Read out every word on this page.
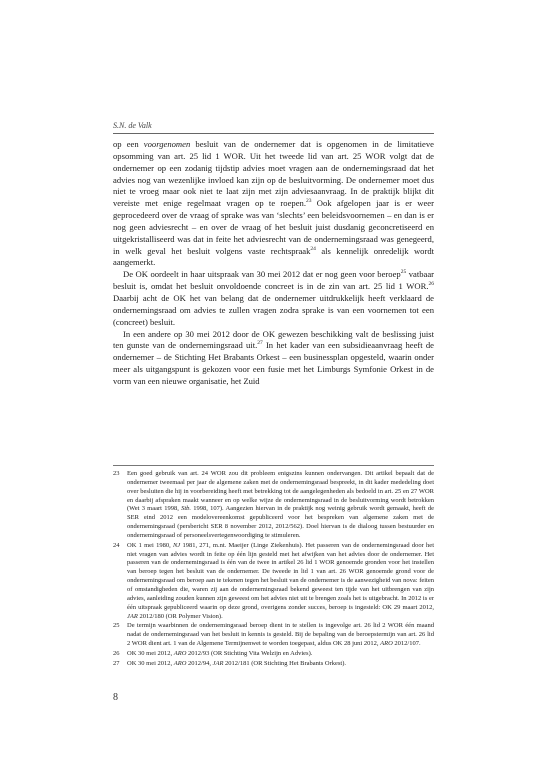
S.N. de Valk

op een voorgenomen besluit van de ondernemer dat is opgenomen in de limitatieve opsomming van art. 25 lid 1 WOR. Uit het tweede lid van art. 25 WOR volgt dat de ondernemer op een zodanig tijdstip advies moet vragen aan de ondernemingsraad dat het advies nog van wezenlijke invloed kan zijn op de besluitvorming. De ondernemer moet dus niet te vroeg maar ook niet te laat zijn met zijn adviesaanvraag. In de praktijk blijkt dit vereiste met enige regelmaat vragen op te roepen.$^{23}$ Ook afgelopen jaar is er weer geprocedeerd over de vraag of sprake was van ‘slechts’ een beleidsvoornemen – en dan is er nog geen adviesrecht – en over de vraag of het besluit juist dusdanig geconcretiseerd en uitgekristalliseerd was dat in feite het adviesrecht van de ondernemingsraad was genegeerd, in welk geval het besluit volgens vaste rechtspraak$^{24}$ als kennelijk onredelijk wordt aangemerkt.

De OK oordeelt in haar uitspraak van 30 mei 2012 dat er nog geen voor beroep$^{25}$ vatbaar besluit is, omdat het besluit onvoldoende concreet is in de zin van art. 25 lid 1 WOR.$^{26}$ Daarbij acht de OK het van belang dat de ondernemer uitdrukkelijk heeft verklaard de ondernemingsraad om advies te zullen vragen zodra sprake is van een voornemen tot een (concreet) besluit.

In een andere op 30 mei 2012 door de OK gewezen beschikking valt de beslissing juist ten gunste van de ondernemingsraad uit.$^{27}$ In het kader van een subsidieaanvraag heeft de ondernemer – de Stichting Het Brabants Orkest – een businessplan opgesteld, waarin onder meer als uitgangspunt is gekozen voor een fusie met het Limburgs Symfonie Orkest in de vorm van een nieuwe organisatie, het Zuid

23	Een goed gebruik van art. 24 WOR zou dit probleem enigszins kunnen ondervangen. Dit artikel bepaalt dat de ondernemer tweemaal per jaar de algemene zaken met de ondernemingsraad bespreekt, in dit kader mededeling doet over besluiten die hij in voorbereiding heeft met betrekking tot de aangelegenheden als bedoeld in art. 25 en 27 WOR en daarbij afspraken maakt wanneer en op welke wijze de ondernemingsraad in de besluitvorming wordt betrokken (Wet 3 maart 1998, Stb. 1998, 107). Aangezien hiervan in de praktijk nog weinig gebruik wordt gemaakt, heeft de SER eind 2012 een modelovereenkomst gepubliceerd voor het bespreken van algemene zaken met de ondernemingsraad (persbericht SER 8 november 2012, 2012/562). Doel hiervan is de dialoog tussen bestuurder en ondernemingsraad of personeelsvertegenwoordiging te stimuleren.
24	OK 1 mei 1980, NJ 1981, 271, m.nt. Maeijer (Linge Ziekenhuis). Het passeren van de ondernemingsraad door het niet vragen van advies wordt in feite op één lijn gesteld met het afwijken van het advies door de ondernemer. Het passeren van de ondernemingsraad is één van de twee in artikel 26 lid 1 WOR genoemde gronden voor het instellen van beroep tegen het besluit van de ondernemer. De tweede in lid 1 van art. 26 WOR genoemde grond voor de ondernemingsraad om beroep aan te tekenen tegen het besluit van de ondernemer is de aanwezigheid van nova: feiten of omstandigheden die, waren zij aan de ondernemingsraad bekend geweest ten tijde van het uitbrengen van zijn advies, aanleiding zouden kunnen zijn geweest om het advies niet uit te brengen zoals het is uitgebracht. In 2012 is er één uitspraak gepubliceerd waarin op deze grond, overigens zonder succes, beroep is ingesteld: OK 29 maart 2012, JAR 2012/180 (OR Polymer Vision).
25	De termijn waarbinnen de ondernemingsraad beroep dient in te stellen is ingevolge art. 26 lid 2 WOR één maand nadat de ondernemingsraad van het besluit in kennis is gesteld. Bij de bepaling van de beroepstermijn van art. 26 lid 2 WOR dient art. 1 van de Algemene Termijnenwet te worden toegepast, aldus OK 28 juni 2012, ARO 2012/107.
26	OK 30 mei 2012, ARO 2012/93 (OR Stichting Vita Welzijn en Advies).
27	OK 30 mei 2012, ARO 2012/94, JAR 2012/181 (OR Stichting Het Brabants Orkest).
8
